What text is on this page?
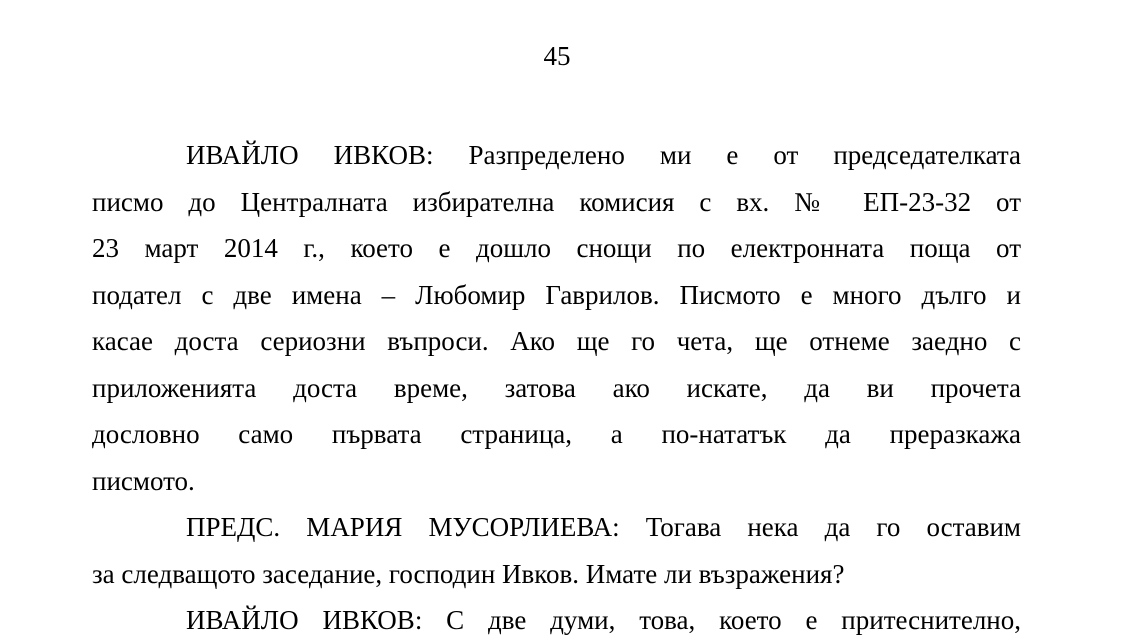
45

ИВАЙЛО ИВКОВ: Разпределено ми е от председателката
писмо до Централната избирателна комисия с вх. № ЕП-23-32 от
23 март 2014 г., което е дошло снощи по електронната поща от
подател с две имена – Любомир Гаврилов. Писмото е много дълго и
касае доста сериозни въпроси. Ако ще го чета, ще отнеме заедно с
приложенията доста време, затова ако искате, да ви прочета
дословно само първата страница, а по-нататък да преразкажа
писмото.

ПРЕДС. МАРИЯ МУСОРЛИЕВА: Тогава нека да го оставим
за следващото заседание, господин Ивков. Имате ли възражения?

ИВАЙЛО ИВКОВ: С две думи, това, което е притеснително,
